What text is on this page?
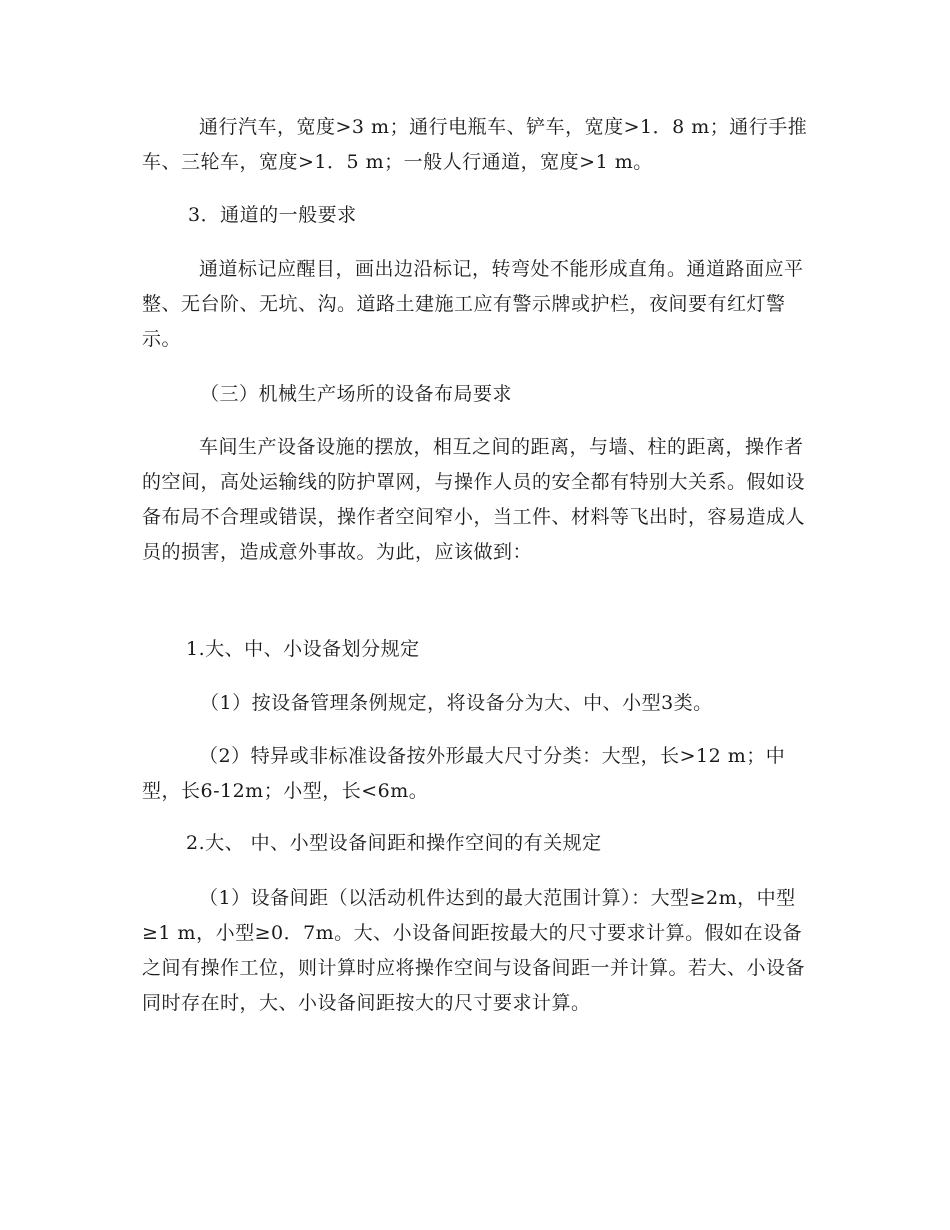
通行汽车，宽度>3 m；通行电瓶车、铲车，宽度>1．8 m；通行手推车、三轮车，宽度>1．5 m；一般人行通道，宽度>1 m。

3．通道的一般要求

通道标记应醒目，画出边沿标记，转弯处不能形成直角。通道路面应平整、无台阶、无坑、沟。道路土建施工应有警示牌或护栏，夜间要有红灯警示。

（三）机械生产场所的设备布局要求

车间生产设备设施的摆放，相互之间的距离，与墙、柱的距离，操作者的空间，高处运输线的防护罩网，与操作人员的安全都有特别大关系。假如设备布局不合理或错误，操作者空间窄小，当工件、材料等飞出时，容易造成人员的损害，造成意外事故。为此，应该做到：

1.大、中、小设备划分规定

（1）按设备管理条例规定，将设备分为大、中、小型3类。

（2）特异或非标准设备按外形最大尺寸分类：大型，长>12 m；中型，长6-12m；小型，长<6m。

2.大、 中、小型设备间距和操作空间的有关规定

（1）设备间距（以活动机件达到的最大范围计算）：大型≥2m，中型≥1 m，小型≥0．7m。大、小设备间距按最大的尺寸要求计算。假如在设备之间有操作工位，则计算时应将操作空间与设备间距一并计算。若大、小设备同时存在时，大、小设备间距按大的尺寸要求计算。
